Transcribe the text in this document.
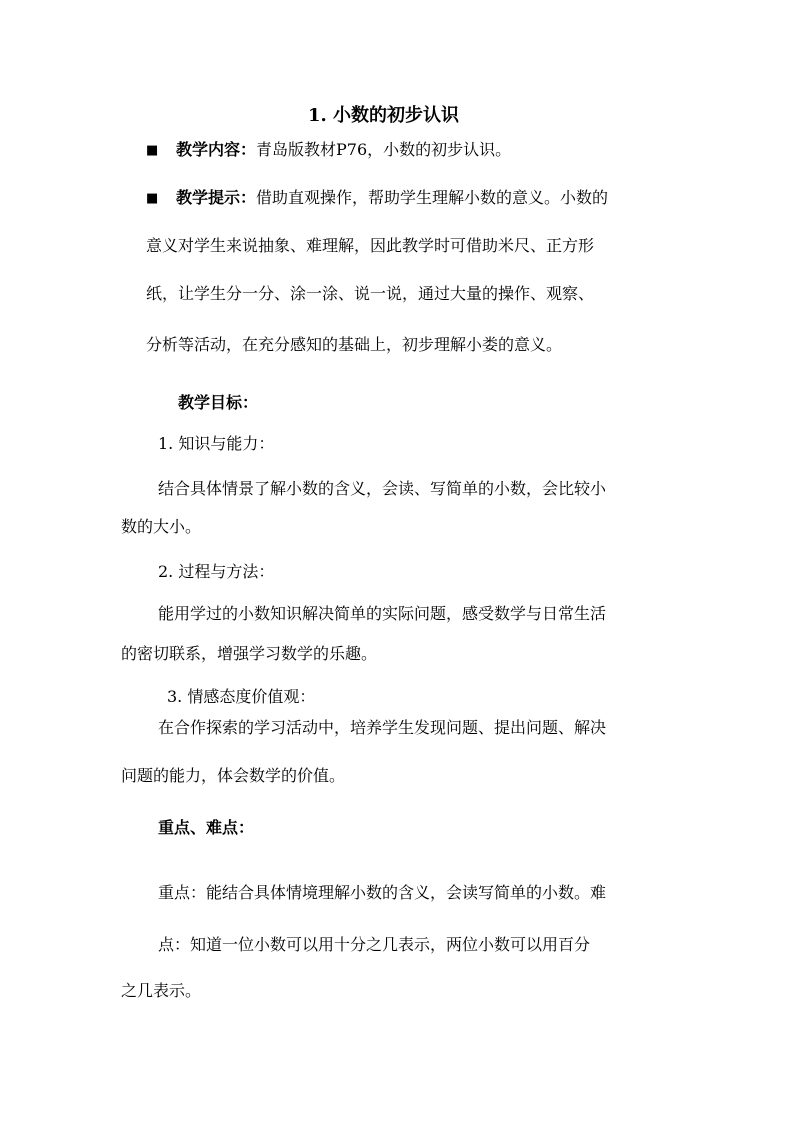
1. 小数的初步认识
■ 教学内容：青岛版教材P76，小数的初步认识。
■ 教学提示：借助直观操作，帮助学生理解小数的意义。小数的
意义对学生来说抽象、难理解，因此教学时可借助米尺、正方形
纸，让学生分一分、涂一涂、说一说，通过大量的操作、观察、
分析等活动，在充分感知的基础上，初步理解小娄的意义。
教学目标：
1. 知识与能力：
结合具体情景了解小数的含义，会读、写简单的小数，会比较小
数的大小。
2. 过程与方法：
能用学过的小数知识解决简单的实际问题，感受数学与日常生活
的密切联系，增强学习数学的乐趣。
3. 情感态度价值观：
在合作探索的学习活动中，培养学生发现问题、提出问题、解决
问题的能力，体会数学的价值。
重点、难点：
重点：能结合具体情境理解小数的含义，会读写简单的小数。难
点：知道一位小数可以用十分之几表示，两位小数可以用百分
之几表示。
